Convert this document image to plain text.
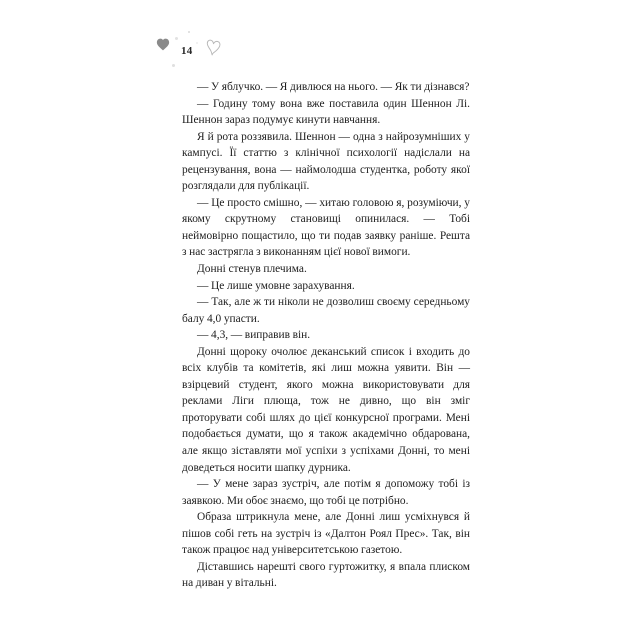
14

— У яблучко. — Я дивлюся на нього. — Як ти дізнався?

— Годину тому вона вже поставила один Шеннон Лі. Шеннон зараз подумує кинути навчання.

Я й рота роззявила. Шеннон — одна з найрозумніших у кампусі. Її статтю з клінічної психології надіслали на рецензування, вона — наймолодша студентка, роботу якої розглядали для публікації.

— Це просто смішно, — хитаю головою я, розуміючи, у якому скрутному становищі опинилася. — Тобі неймовірно пощастило, що ти подав заявку раніше. Решта з нас застрягла з виконанням цієї нової вимоги.

Донні стенув плечима.

— Це лише умовне зарахування.

— Так, але ж ти ніколи не дозволиш своєму середньому балу 4,0 упасти.

— 4,3, — виправив він.

Донні щороку очолює деканський список і входить до всіх клубів та комітетів, які лиш можна уявити. Він — взірцевий студент, якого можна використовувати для реклами Ліги плюща, тож не дивно, що він зміг проторувати собі шлях до цієї конкурсної програми. Мені подобається думати, що я також академічно обдарована, але якщо зіставляти мої успіхи з успіхами Донні, то мені доведеться носити шапку дурника.

— У мене зараз зустріч, але потім я допоможу тобі із заявкою. Ми обоє знаємо, що тобі це потрібно.

Образа штрикнула мене, але Донні лиш усміхнувся й пішов собі геть на зустріч із «Далтон Роял Прес». Так, він також працює над університетською газетою.

Дiставшись нарештi свого гуртожитку, я впала плиском на диван у вiтальнi.
